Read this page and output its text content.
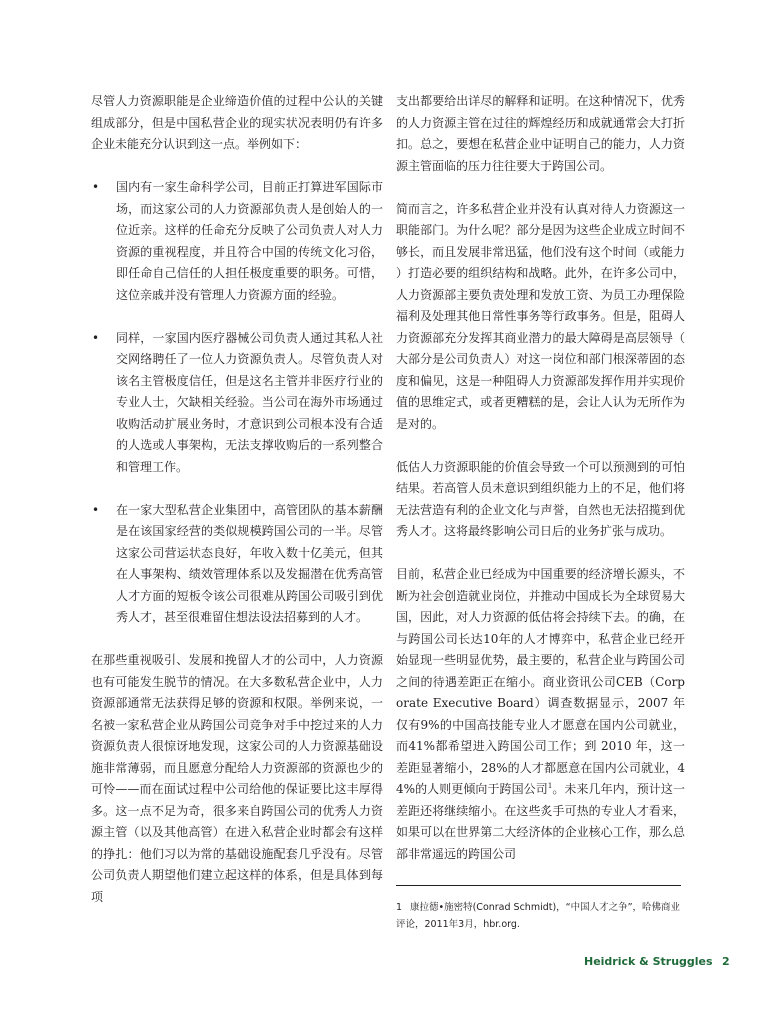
尽管人力资源职能是企业缔造价值的过程中公认的关键组成部分，但是中国私营企业的现实状况表明仍有许多企业未能充分认识到这一点。举例如下：

• 国内有一家生命科学公司，目前正打算进军国际市场，而这家公司的人力资源部负责人是创始人的一位近亲。这样的任命充分反映了公司负责人对人力资源的重视程度，并且符合中国的传统文化习俗，即任命自己信任的人担任极度重要的职务。可惜，这位亲戚并没有管理人力资源方面的经验。

• 同样，一家国内医疗器械公司负责人通过其私人社交网络聘任了一位人力资源负责人。尽管负责人对该名主管极度信任，但是这名主管并非医疗行业的专业人士，欠缺相关经验。当公司在海外市场通过收购活动扩展业务时，才意识到公司根本没有合适的人选或人事架构，无法支撑收购后的一系列整合和管理工作。

• 在一家大型私营企业集团中，高管团队的基本薪酬是在该国家经营的类似规模跨国公司的一半。尽管这家公司营运状态良好，年收入数十亿美元，但其在人事架构、绩效管理体系以及发掘潜在优秀高管人才方面的短板令该公司很难从跨国公司吸引到优秀人才，甚至很难留住想法设法招募到的人才。

在那些重视吸引、发展和挽留人才的公司中，人力资源也有可能发生脱节的情况。在大多数私营企业中，人力资源部通常无法获得足够的资源和权限。举例来说，一名被一家私营企业从跨国公司竞争对手中挖过来的人力资源负责人很惊讶地发现，这家公司的人力资源基础设施非常薄弱，而且愿意分配给人力资源部的资源也少的可怜——而在面试过程中公司给他的保证要比这丰厚得多。这一点不足为奇，很多来自跨国公司的优秀人力资源主管（以及其他高管）在进入私营企业时都会有这样的挣扎：他们习以为常的基础设施配套几乎没有。尽管公司负责人期望他们建立起这样的体系，但是具体到每项

支出都要给出详尽的解释和证明。在这种情况下，优秀的人力资源主管在过往的辉煌经历和成就通常会大打折扣。总之，要想在私营企业中证明自己的能力，人力资源主管面临的压力往往要大于跨国公司。

简而言之，许多私营企业并没有认真对待人力资源这一职能部门。为什么呢？部分是因为这些企业成立时间不够长，而且发展非常迅猛，他们没有这个时间（或能力）打造必要的组织结构和战略。此外，在许多公司中，人力资源部主要负责处理和发放工资、为员工办理保险福利及处理其他日常性事务等行政事务。但是，阻碍人力资源部充分发挥其商业潜力的最大障碍是高层领导（大部分是公司负责人）对这一岗位和部门根深蒂固的态度和偏见，这是一种阻碍人力资源部发挥作用并实现价值的思维定式，或者更糟糕的是，会让人认为无所作为是对的。

低估人力资源职能的价值会导致一个可以预测到的可怕结果。若高管人员未意识到组织能力上的不足，他们将无法营造有利的企业文化与声誉，自然也无法招揽到优秀人才。这将最终影响公司日后的业务扩张与成功。

目前，私营企业已经成为中国重要的经济增长源头，不断为社会创造就业岗位，并推动中国成长为全球贸易大国，因此，对人力资源的低估将会持续下去。的确，在与跨国公司长达10年的人才博弈中，私营企业已经开始显现一些明显优势，最主要的，私营企业与跨国公司之间的待遇差距正在缩小。商业资讯公司CEB（Corporate Executive Board）调查数据显示，2007 年仅有9%的中国高技能专业人才愿意在国内公司就业，而41%都希望进入跨国公司工作；到 2010 年，这一差距显著缩小，28%的人才都愿意在国内公司就业，44%的人则更倾向于跨国公司$^1$。未来几年内，预计这一差距还将继续缩小。在这些炙手可热的专业人才看来，如果可以在世界第二大经济体的企业核心工作，那么总部非常遥远的跨国公司

1 康拉德•施密特(Conrad Schmidt)，“中国人才之争”，哈佛商业评论，2011年3月，hbr.org.
Heidrick & Struggles 2
